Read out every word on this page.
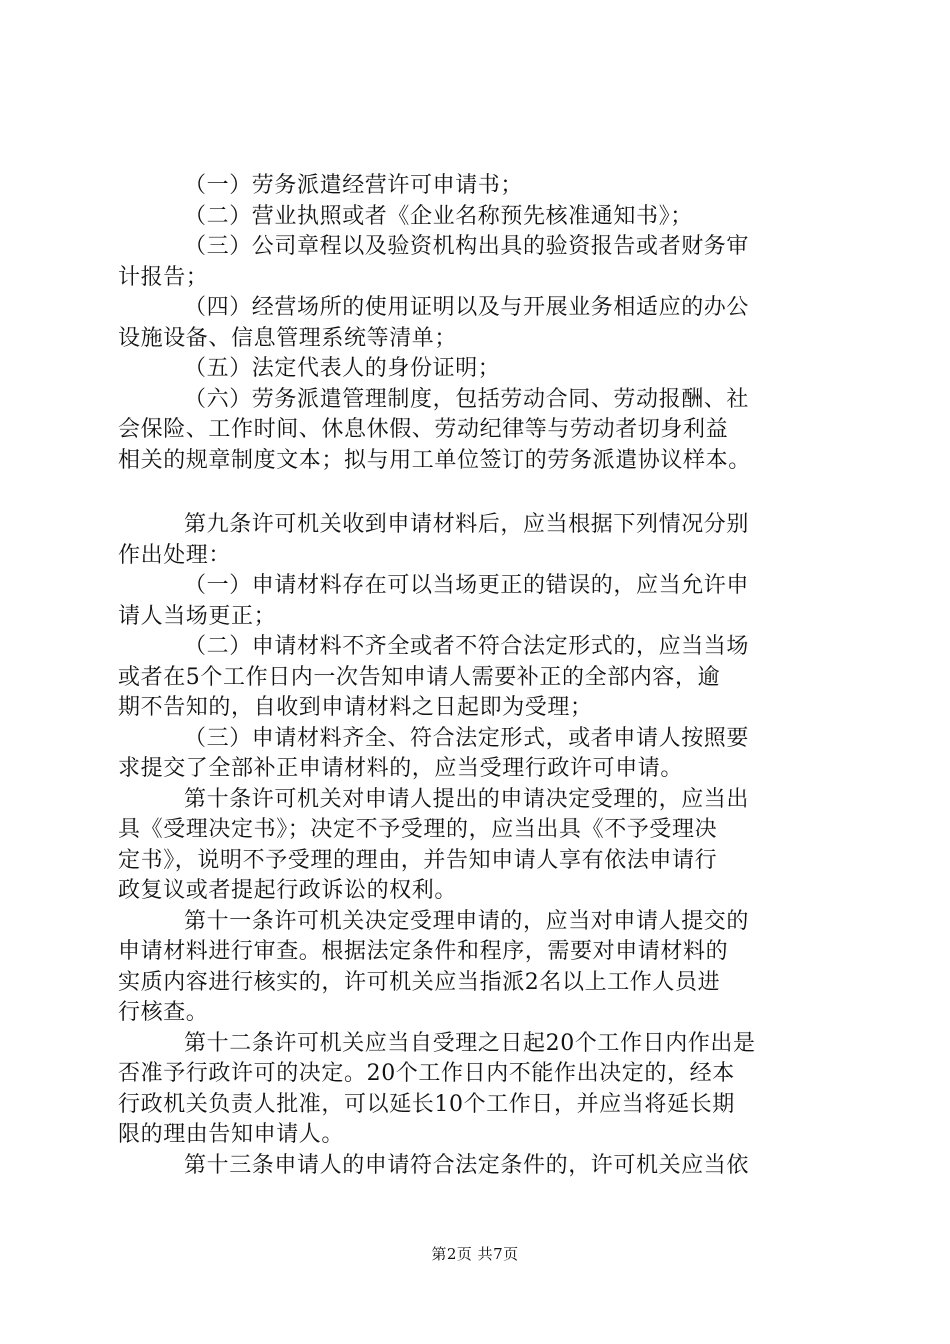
（一）劳务派遣经营许可申请书；
（二）营业执照或者《企业名称预先核准通知书》；
（三）公司章程以及验资机构出具的验资报告或者财务审
计报告；
（四）经营场所的使用证明以及与开展业务相适应的办公
设施设备、信息管理系统等清单；
（五）法定代表人的身份证明；
（六）劳务派遣管理制度，包括劳动合同、劳动报酬、社
会保险、工作时间、休息休假、劳动纪律等与劳动者切身利益
相关的规章制度文本；拟与用工单位签订的劳务派遣协议样本。
第九条许可机关收到申请材料后，应当根据下列情况分别
作出处理：
（一）申请材料存在可以当场更正的错误的，应当允许申
请人当场更正；
（二）申请材料不齐全或者不符合法定形式的，应当当场
或者在5个工作日内一次告知申请人需要补正的全部内容，逾
期不告知的，自收到申请材料之日起即为受理；
（三）申请材料齐全、符合法定形式，或者申请人按照要
求提交了全部补正申请材料的，应当受理行政许可申请。
第十条许可机关对申请人提出的申请决定受理的，应当出
具《受理决定书》；决定不予受理的，应当出具《不予受理决
定书》，说明不予受理的理由，并告知申请人享有依法申请行
政复议或者提起行政诉讼的权利。
第十一条许可机关决定受理申请的，应当对申请人提交的
申请材料进行审查。根据法定条件和程序，需要对申请材料的
实质内容进行核实的，许可机关应当指派2名以上工作人员进
行核查。
第十二条许可机关应当自受理之日起20个工作日内作出是
否准予行政许可的决定。20个工作日内不能作出决定的，经本
行政机关负责人批准，可以延长10个工作日，并应当将延长期
限的理由告知申请人。
第十三条申请人的申请符合法定条件的，许可机关应当依
第2页 共7页
